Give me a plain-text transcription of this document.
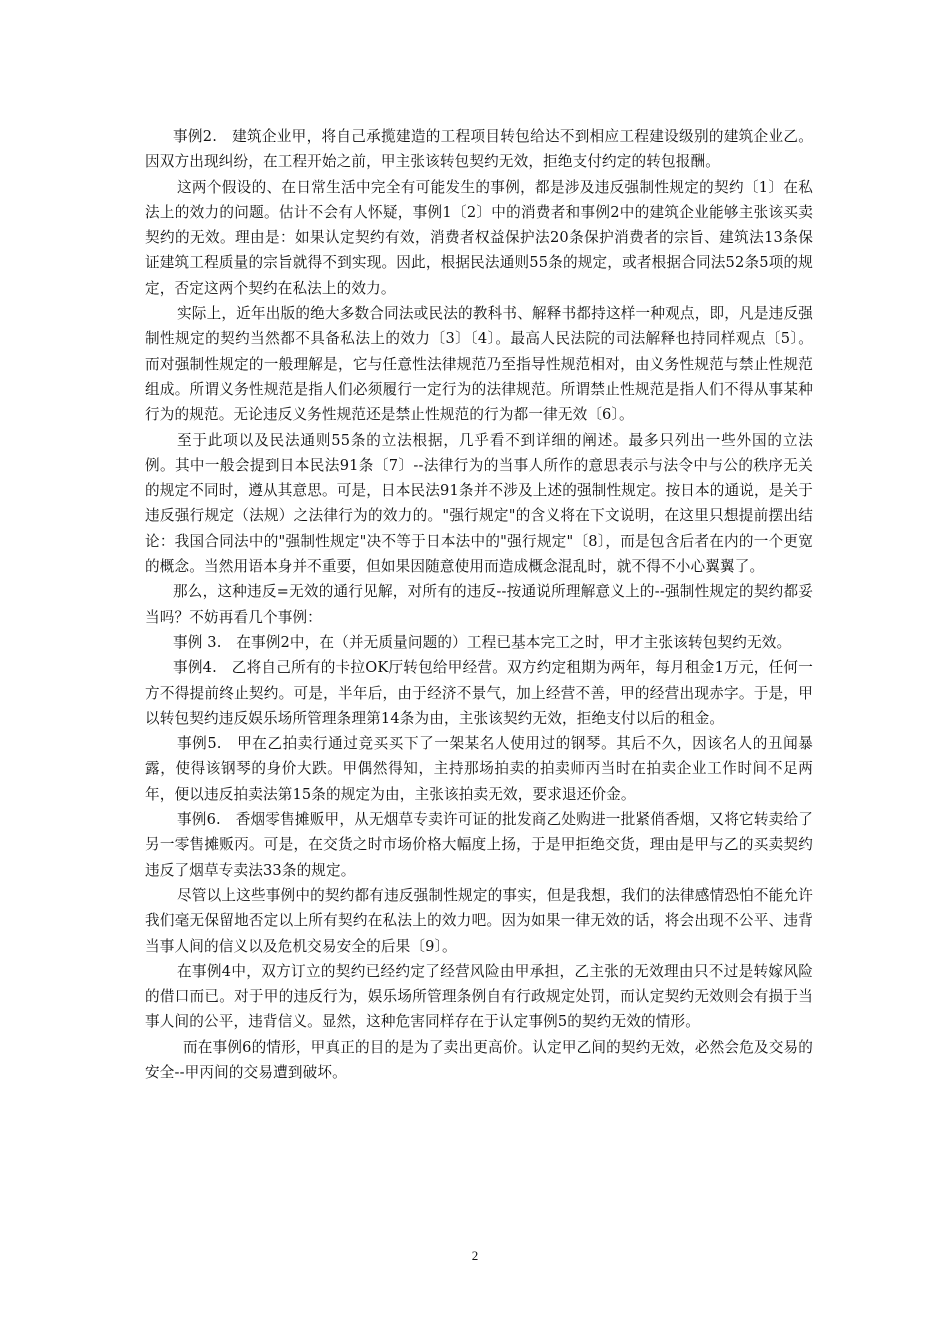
事例2.　建筑企业甲，将自己承揽建造的工程项目转包给达不到相应工程建设级别的建筑企业乙。因双方出现纠纷，在工程开始之前，甲主张该转包契约无效，拒绝支付约定的转包报酬。

这两个假设的、在日常生活中完全有可能发生的事例，都是涉及违反强制性规定的契约〔1〕在私法上的效力的问题。估计不会有人怀疑，事例1〔2〕中的消费者和事例2中的建筑企业能够主张该买卖契约的无效。理由是：如果认定契约有效，消费者权益保护法20条保护消费者的宗旨、建筑法13条保证建筑工程质量的宗旨就得不到实现。因此，根据民法通则55条的规定，或者根据合同法52条5项的规定，否定这两个契约在私法上的效力。

实际上，近年出版的绝大多数合同法或民法的教科书、解释书都持这样一种观点，即，凡是违反强制性规定的契约当然都不具备私法上的效力〔3〕〔4〕。最高人民法院的司法解释也持同样观点〔5〕。而对强制性规定的一般理解是，它与任意性法律规范乃至指导性规范相对，由义务性规范与禁止性规范组成。所谓义务性规范是指人们必须履行一定行为的法律规范。所谓禁止性规范是指人们不得从事某种行为的规范。无论违反义务性规范还是禁止性规范的行为都一律无效〔6〕。

至于此项以及民法通则55条的立法根据，几乎看不到详细的阐述。最多只列出一些外国的立法例。其中一般会提到日本民法91条〔7〕--法律行为的当事人所作的意思表示与法令中与公的秩序无关的规定不同时，遵从其意思。可是，日本民法91条并不涉及上述的强制性规定。按日本的通说，是关于违反强行规定（法规）之法律行为的效力的。"强行规定"的含义将在下文说明，在这里只想提前摆出结论：我国合同法中的"强制性规定"决不等于日本法中的"强行规定"〔8〕，而是包含后者在内的一个更宽的概念。当然用语本身并不重要，但如果因随意使用而造成概念混乱时，就不得不小心翼翼了。

那么，这种违反=无效的通行见解，对所有的违反--按通说所理解意义上的--强制性规定的契约都妥当吗？不妨再看几个事例：

事例 3.　在事例2中，在（并无质量问题的）工程已基本完工之时，甲才主张该转包契约无效。

事例4.　乙将自己所有的卡拉OK厅转包给甲经营。双方约定租期为两年，每月租金1万元，任何一方不得提前终止契约。可是，半年后，由于经济不景气，加上经营不善，甲的经营出现赤字。于是，甲以转包契约违反娱乐场所管理条理第14条为由，主张该契约无效，拒绝支付以后的租金。

事例5.　甲在乙拍卖行通过竞买买下了一架某名人使用过的钢琴。其后不久，因该名人的丑闻暴露，使得该钢琴的身价大跌。甲偶然得知，主持那场拍卖的拍卖师丙当时在拍卖企业工作时间不足两年，便以违反拍卖法第15条的规定为由，主张该拍卖无效，要求退还价金。

事例6.　香烟零售摊贩甲，从无烟草专卖许可证的批发商乙处购进一批紧俏香烟，又将它转卖给了另一零售摊贩丙。可是，在交货之时市场价格大幅度上扬，于是甲拒绝交货，理由是甲与乙的买卖契约违反了烟草专卖法33条的规定。

尽管以上这些事例中的契约都有违反强制性规定的事实，但是我想，我们的法律感情恐怕不能允许我们毫无保留地否定以上所有契约在私法上的效力吧。因为如果一律无效的话，将会出现不公平、违背当事人间的信义以及危机交易安全的后果〔9〕。

在事例4中，双方订立的契约已经约定了经营风险由甲承担，乙主张的无效理由只不过是转嫁风险的借口而已。对于甲的违反行为，娱乐场所管理条例自有行政规定处罚，而认定契约无效则会有损于当事人间的公平，违背信义。显然，这种危害同样存在于认定事例5的契约无效的情形。

而在事例6的情形，甲真正的目的是为了卖出更高价。认定甲乙间的契约无效，必然会危及交易的安全--甲丙间的交易遭到破坏。

2
